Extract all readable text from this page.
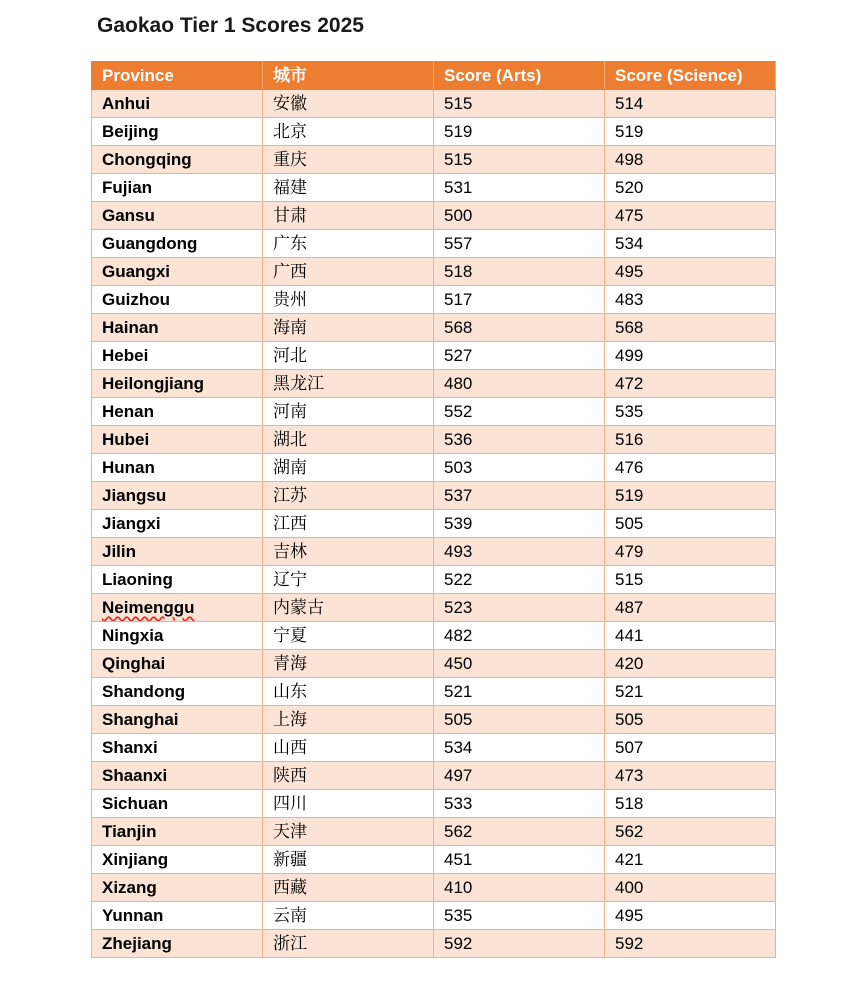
Gaokao Tier 1 Scores 2025
Province	城市	Score (Arts)	Score (Science)
Anhui	安徽	515	514
Beijing	北京	519	519
Chongqing	重庆	515	498
Fujian	福建	531	520
Gansu	甘肃	500	475
Guangdong	广东	557	534
Guangxi	广西	518	495
Guizhou	贵州	517	483
Hainan	海南	568	568
Hebei	河北	527	499
Heilongjiang	黑龙江	480	472
Henan	河南	552	535
Hubei	湖北	536	516
Hunan	湖南	503	476
Jiangsu	江苏	537	519
Jiangxi	江西	539	505
Jilin	吉林	493	479
Liaoning	辽宁	522	515
Neimenggu	内蒙古	523	487
Ningxia	宁夏	482	441
Qinghai	青海	450	420
Shandong	山东	521	521
Shanghai	上海	505	505
Shanxi	山西	534	507
Shaanxi	陕西	497	473
Sichuan	四川	533	518
Tianjin	天津	562	562
Xinjiang	新疆	451	421
Xizang	西藏	410	400
Yunnan	云南	535	495
Zhejiang	浙江	592	592
